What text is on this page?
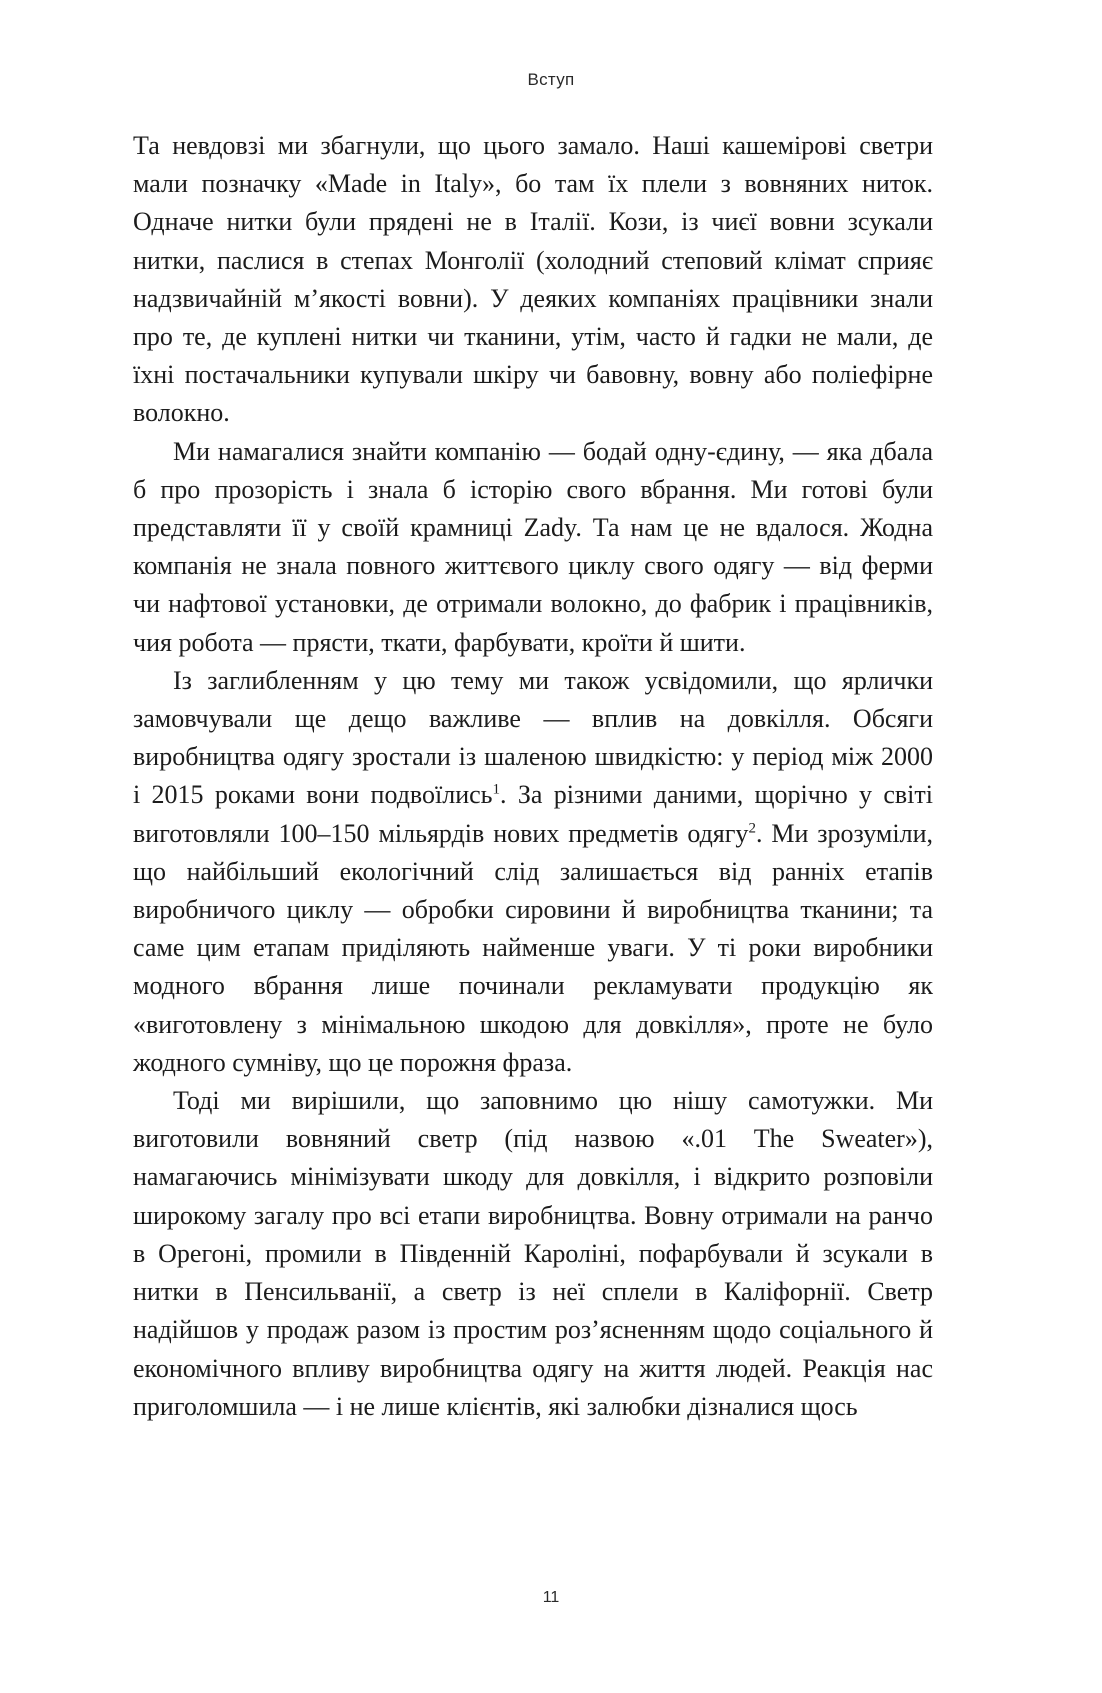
Вступ

Та невдовзі ми збагнули, що цього замало. Наші кашемірові светри мали позначку «Made in Italy», бо там їх плели з вовняних ниток. Одначе нитки були прядені не в Італії. Кози, із чиєї вовни зсукали нитки, паслися в степах Монголії (холодний степовий клімат сприяє надзвичайній м’якості вовни). У деяких компаніях працівники знали про те, де куплені нитки чи тканини, утім, часто й гадки не мали, де їхні постачальники купували шкіру чи бавовну, вовну або поліефірне волокно.

Ми намагалися знайти компанію — бодай одну-єдину, — яка дбала б про прозорість і знала б історію свого вбрання. Ми готові були представляти її у своїй крамниці Zady. Та нам це не вдалося. Жодна компанія не знала повного життєвого циклу свого одягу — від ферми чи нафтової установки, де отримали волокно, до фабрик і працівників, чия робота — прясти, ткати, фарбувати, кроїти й шити.

Із заглибленням у цю тему ми також усвідомили, що ярлички замовчували ще дещо важливе — вплив на довкілля. Обсяги виробництва одягу зростали із шаленою швидкістю: у період між 2000 і 2015 роками вони подвоїлись$^1$. За різними даними, щорічно у світі виготовляли 100–150 мільярдів нових предметів одягу$^2$. Ми зрозуміли, що найбільший екологічний слід залишається від ранніх етапів виробничого циклу — обробки сировини й виробництва тканини; та саме цим етапам приділяють найменше уваги. У ті роки виробники модного вбрання лише починали рекламувати продукцію як «виготовлену з мінімальною шкодою для довкілля», проте не було жодного сумніву, що це порожня фраза.

Тоді ми вирішили, що заповнимо цю нішу самотужки. Ми виготовили вовняний светр (під назвою «.01 The Sweater»), намагаючись мінімізувати шкоду для довкілля, і відкрито розповіли широкому загалу про всі етапи виробництва. Вовну отримали на ранчо в Орегоні, промили в Південній Кароліні, пофарбували й зсукали в нитки в Пенсильванії, а светр із неї сплели в Каліфорнії. Светр надійшов у продаж разом із простим роз’ясненням щодо соціального й економічного впливу виробництва одягу на життя людей. Реакція нас приголомшила — і не лише клієнтів, які залюбки дізналися щось

11
